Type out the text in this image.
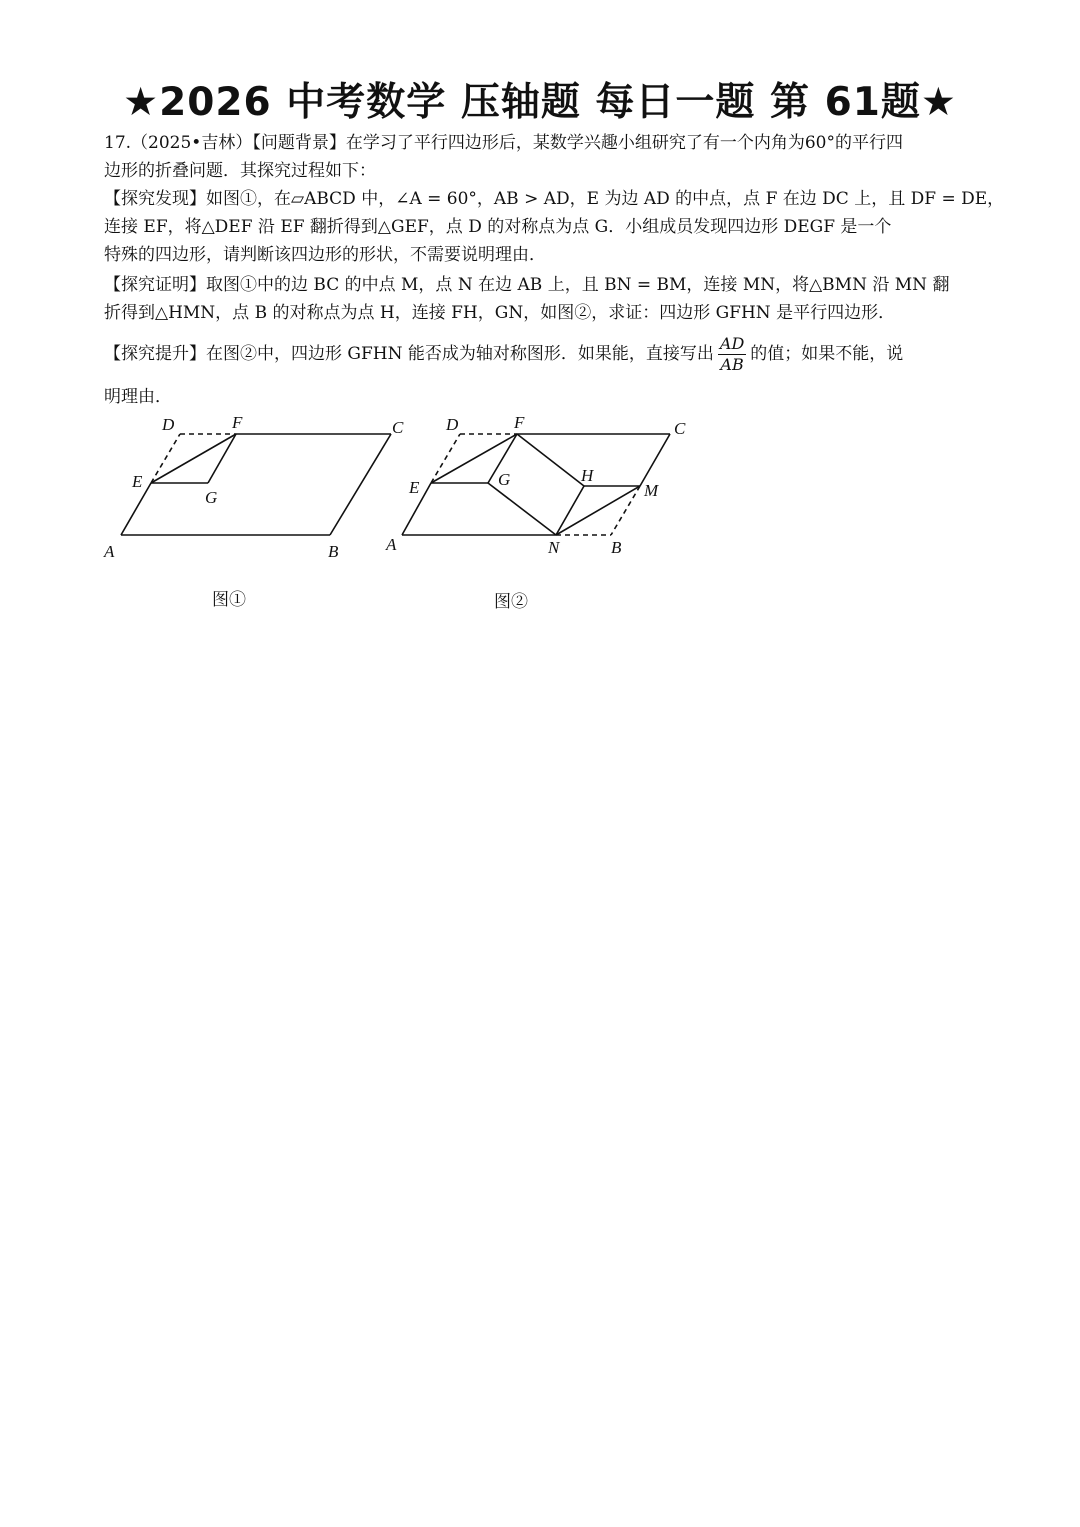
★2026 中考数学 压轴题 每日一题 第 61题★
17.（2025•吉林）【问题背景】在学习了平行四边形后，某数学兴趣小组研究了有一个内角为60°的平行四
边形的折叠问题．其探究过程如下：
【探究发现】如图①，在▱ABCD 中，∠A = 60°，AB > AD，E 为边 AD 的中点，点 F 在边 DC 上，且 DF = DE，
连接 EF，将△DEF 沿 EF 翻折得到△GEF，点 D 的对称点为点 G．小组成员发现四边形 DEGF 是一个
特殊的四边形，请判断该四边形的形状，不需要说明理由．
【探究证明】取图①中的边 BC 的中点 M，点 N 在边 AB 上，且 BN = BM，连接 MN，将△BMN 沿 MN 翻
折得到△HMN，点 B 的对称点为点 H，连接 FH，GN，如图②，求证：四边形 GFHN 是平行四边形．
【探究提升】在图②中，四边形 GFHN 能否成为轴对称图形．如果能，直接写出 $\frac{AD}{AB}$ 的值；如果不能，说
明理由．
A	B
C
D
E
F
G
A	B
C
D
E
F
G	H
M
N
图①	图②
